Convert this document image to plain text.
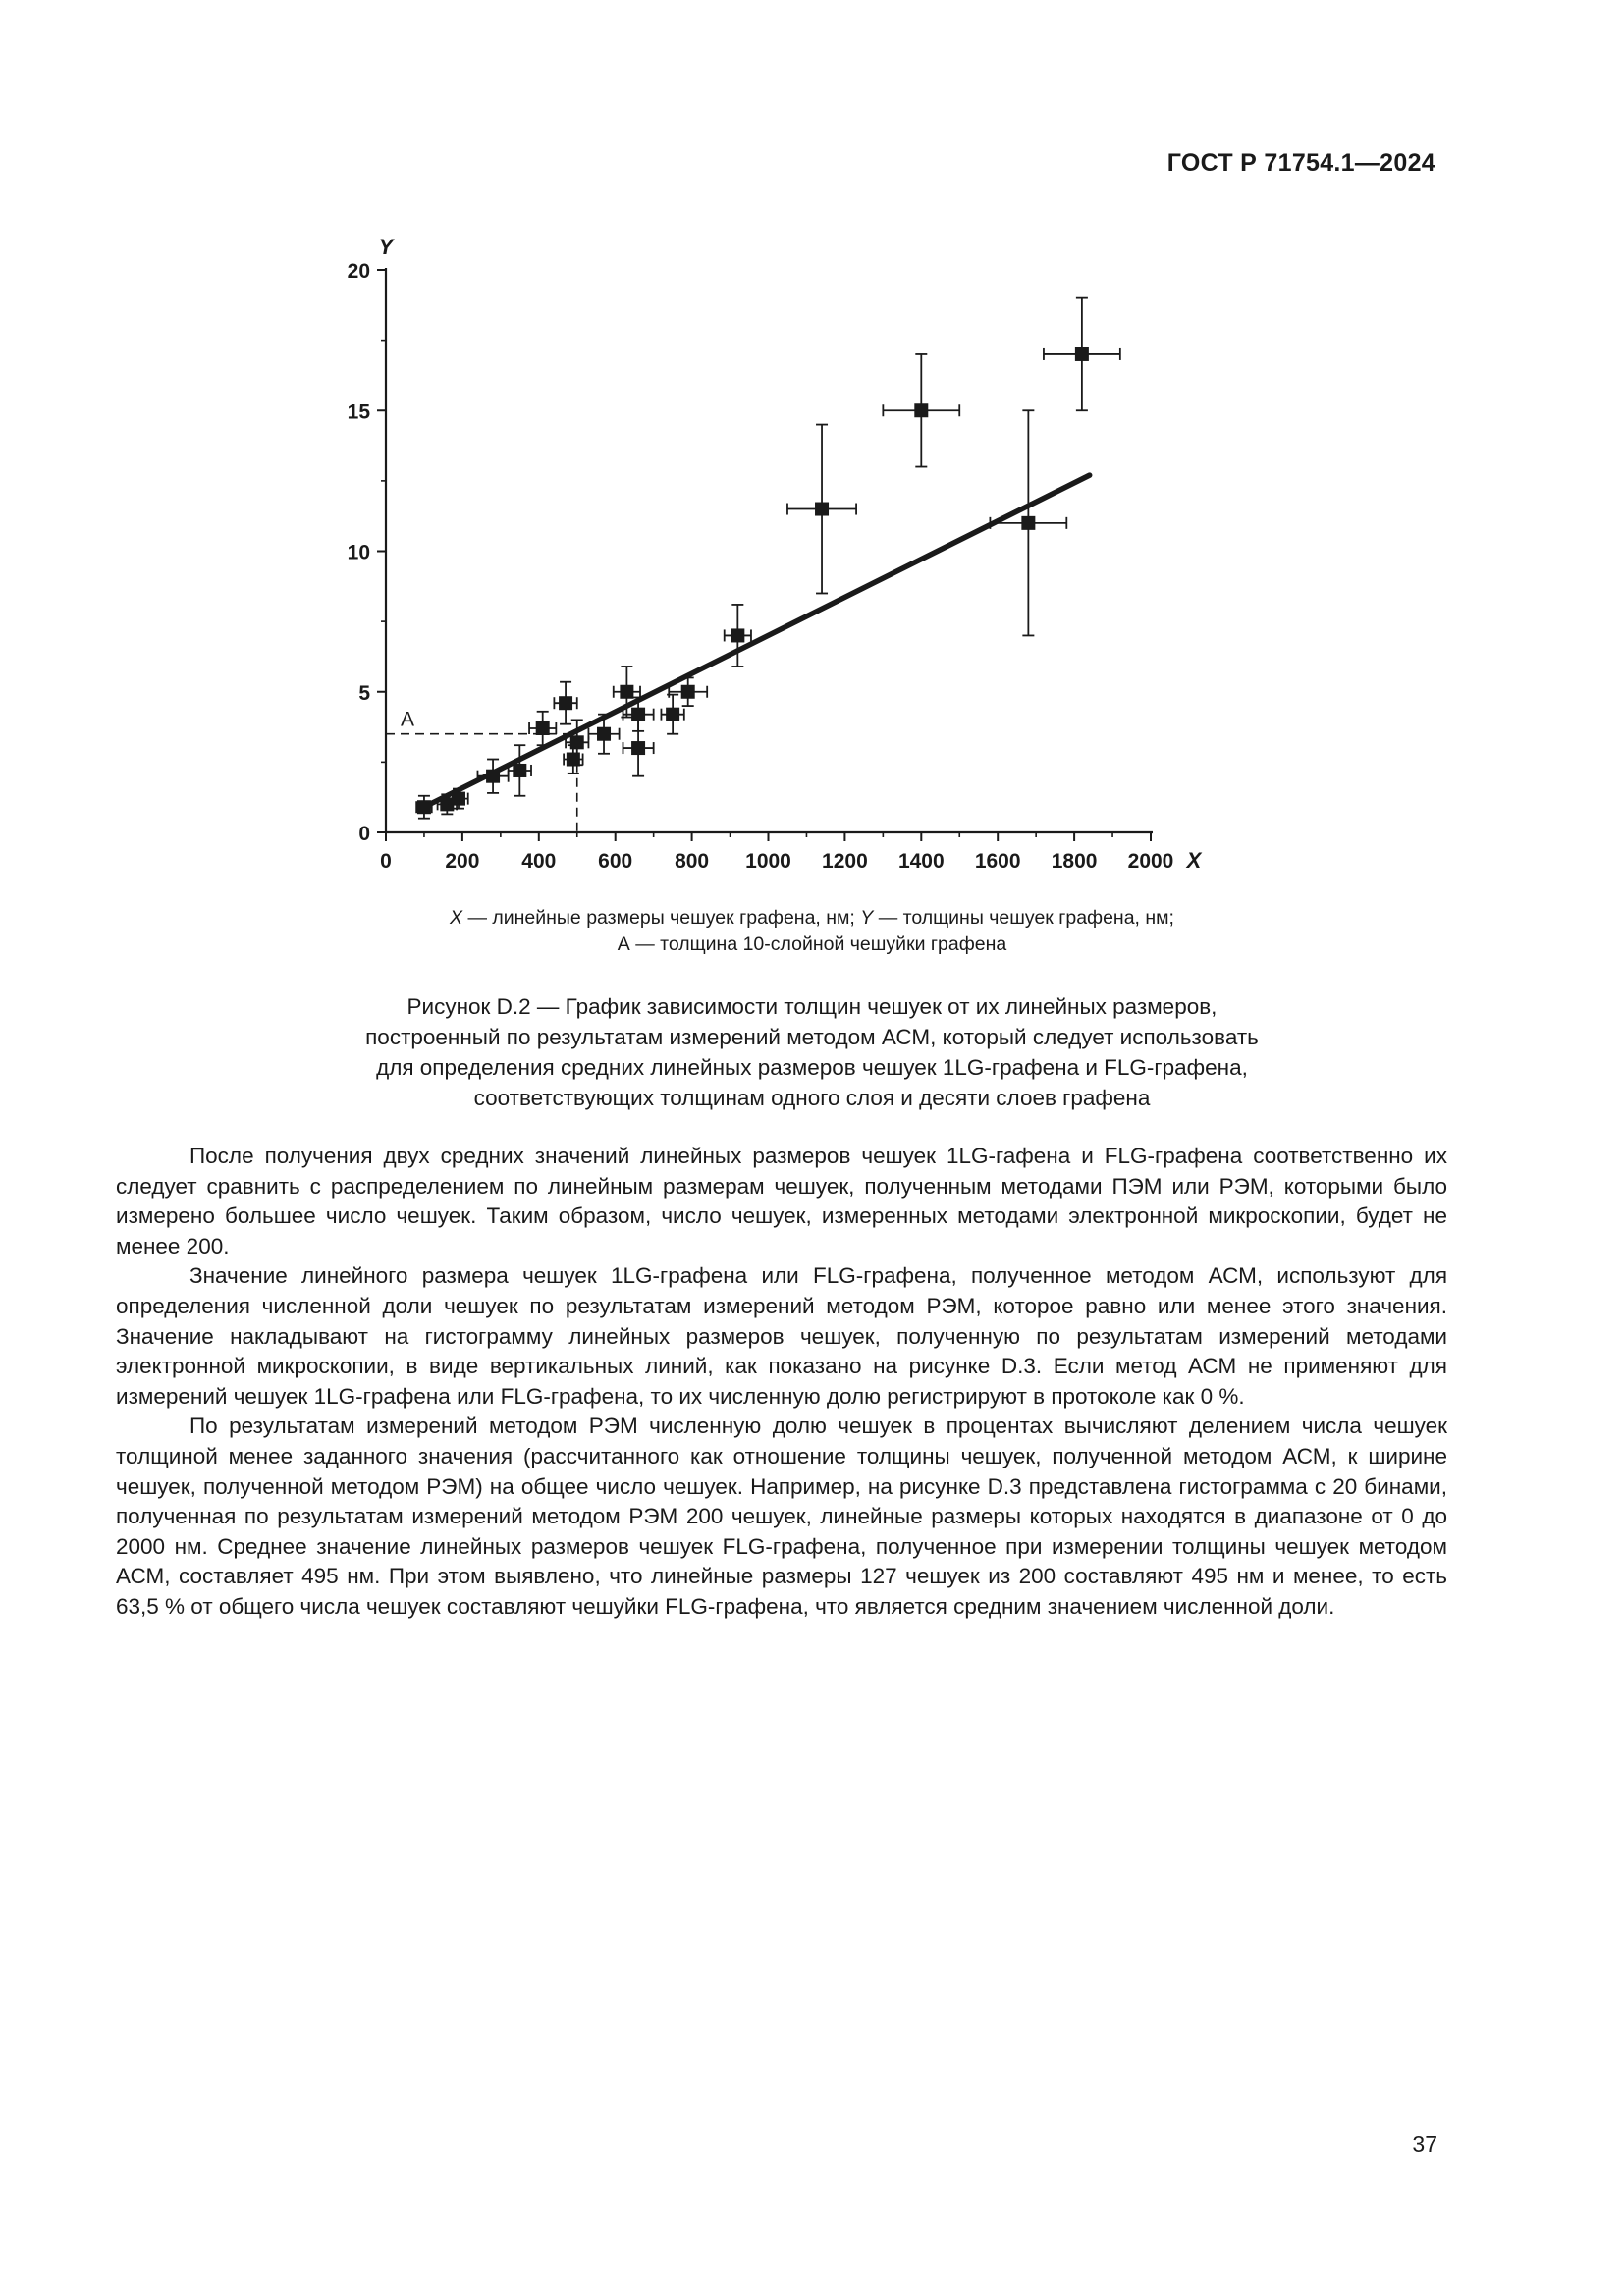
ГОСТ Р 71754.1—2024
0	200 400 600 800 1000 1200 1400 1600 1800 2000
0
5
10
15
20
X
Y
А
X — линейные размеры чешуек графена, нм; Y — толщины чешуек графена, нм;
А — толщина 10-слойной чешуйки графена
Рисунок D.2 — График зависимости толщин чешуек от их линейных размеров,
построенный по результатам измерений методом АСМ, который следует использовать
для определения средних линейных размеров чешуек 1LG-графена и FLG-графена,
соответствующих толщинам одного слоя и десяти слоев графена

После получения двух средних значений линейных размеров чешуек 1LG-гафена и FLG-графена соответственно их следует сравнить с распределением по линейным размерам чешуек, полученным методами ПЭМ или РЭМ, которыми было измерено большее число чешуек. Таким образом, число чешуек, измеренных методами электронной микроскопии, будет не менее 200.

Значение линейного размера чешуек 1LG-графена или FLG-графена, полученное методом АСМ, используют для определения численной доли чешуек по результатам измерений методом РЭМ, которое равно или менее этого значения. Значение накладывают на гистограмму линейных размеров чешуек, полученную по результатам измерений методами электронной микроскопии, в виде вертикальных линий, как показано на рисунке D.3. Если метод АСМ не применяют для измерений чешуек 1LG-графена или FLG-графена, то их численную долю регистрируют в протоколе как 0 %.

По результатам измерений методом РЭМ численную долю чешуек в процентах вычисляют делением числа чешуек толщиной менее заданного значения (рассчитанного как отношение толщины чешуек, полученной методом АСМ, к ширине чешуек, полученной методом РЭМ) на общее число чешуек. Например, на рисунке D.3 представлена гистограмма с 20 бинами, полученная по результатам измерений методом РЭМ 200 чешуек, линейные размеры которых находятся в диапазоне от 0 до 2000 нм. Среднее значение линейных размеров чешуек FLG-графена, полученное при измерении толщины чешуек методом АСМ, составляет 495 нм. При этом выявлено, что линейные размеры 127 чешуек из 200 составляют 495 нм и менее, то есть 63,5 % от общего числа чешуек составляют чешуйки FLG-графена, что является средним значением численной доли.

37
